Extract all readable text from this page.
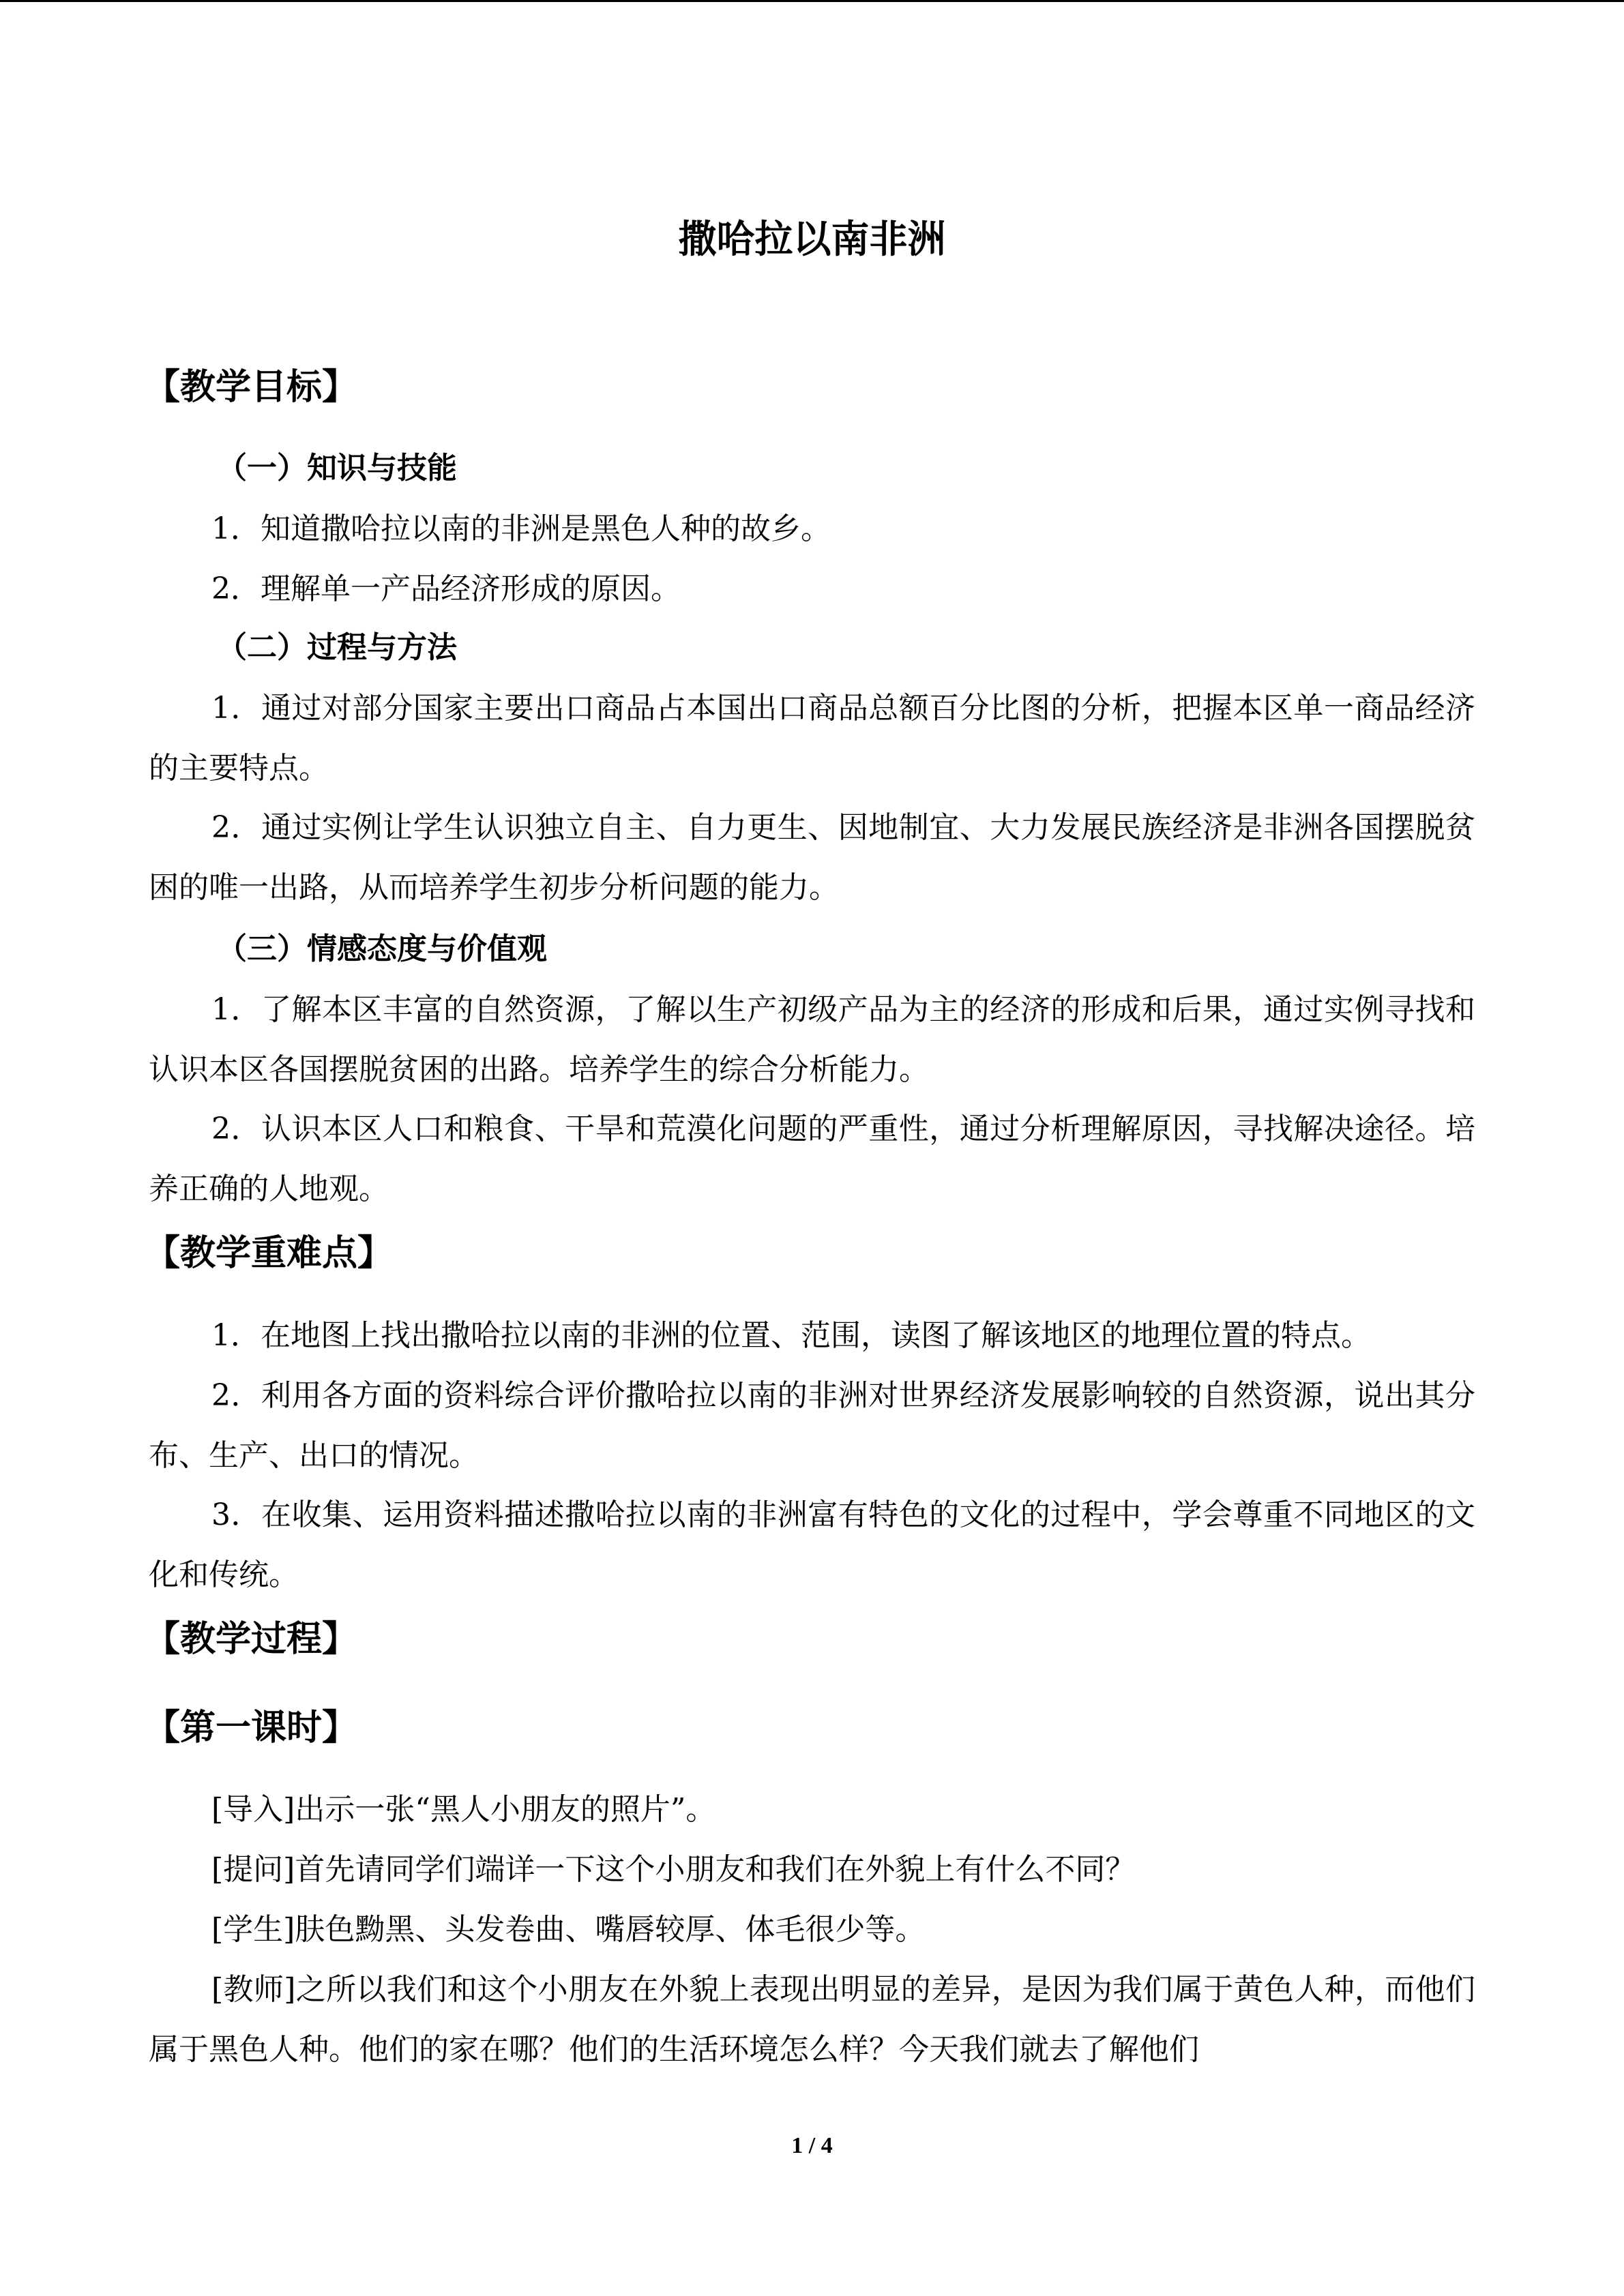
撒哈拉以南非洲
【教学目标】
（一）知识与技能

1．知道撒哈拉以南的非洲是黑色人种的故乡。

2．理解单一产品经济形成的原因。

（二）过程与方法

1．通过对部分国家主要出口商品占本国出口商品总额百分比图的分析，把握本区单一商品经济的主要特点。

2．通过实例让学生认识独立自主、自力更生、因地制宜、大力发展民族经济是非洲各国摆脱贫困的唯一出路，从而培养学生初步分析问题的能力。

（三）情感态度与价值观

1．了解本区丰富的自然资源，了解以生产初级产品为主的经济的形成和后果，通过实例寻找和认识本区各国摆脱贫困的出路。培养学生的综合分析能力。

2．认识本区人口和粮食、干旱和荒漠化问题的严重性，通过分析理解原因，寻找解决途径。培养正确的人地观。

【教学重难点】

1．在地图上找出撒哈拉以南的非洲的位置、范围，读图了解该地区的地理位置的特点。

2．利用各方面的资料综合评价撒哈拉以南的非洲对世界经济发展影响较的自然资源，说出其分布、生产、出口的情况。

3．在收集、运用资料描述撒哈拉以南的非洲富有特色的文化的过程中，学会尊重不同地区的文化和传统。

【教学过程】
【第一课时】

[导入]出示一张“黑人小朋友的照片”。

[提问]首先请同学们端详一下这个小朋友和我们在外貌上有什么不同？

[学生]肤色黝黑、头发卷曲、嘴唇较厚、体毛很少等。

[教师]之所以我们和这个小朋友在外貌上表现出明显的差异，是因为我们属于黄色人种，而他们属于黑色人种。他们的家在哪？他们的生活环境怎么样？今天我们就去了解他们

1 / 4
